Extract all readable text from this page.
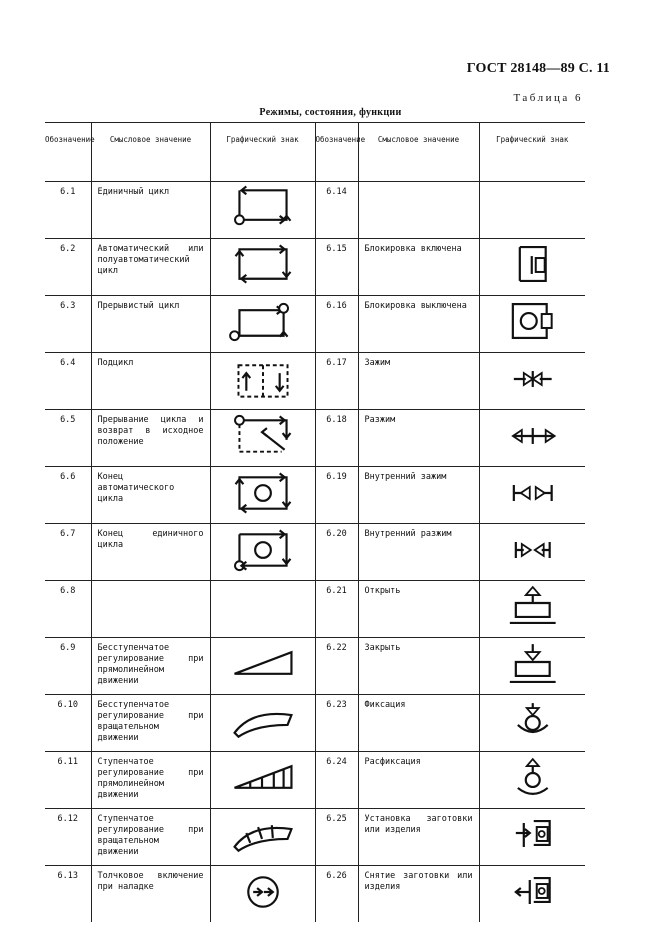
ГОСТ 28148—89 С. 11
Таблица 6
Режимы, состояния, функции
Обозначение	Смысловое значение	Графический знак	Обозначение	Смысловое значение	Графический знак
6.1	Единичный цикл		6.14		
6.2	Автоматический или полуавтоматический цикл		6.15	Блокировка включена	

6.3	Прерывистый цикл		6.16	Блокировка выключена	

6.4	Подцикл		6.17	Зажим	

6.5	Прерывание цикла и возврат в исходное положение		6.18	Разжим	

6.6	Конец автоматического цикла		6.19	Внутренний зажим	

6.7	Конец единичного цикла		6.20	Внутренний разжим	

6.8			6.21	Открыть	

6.9	Бесступенчатое регулирование при прямолинейном движении		6.22	Закрыть	

6.10	Бесступенчатое регулирование при вращательном движении		6.23	Фиксация	

6.11	Ступенчатое регулирование при прямолинейном движении		6.24	Расфиксация	

6.12	Ступенчатое регулирование при вращательном движении		6.25	Установка заготовки или изделия	

6.13	Толчковое включение при наладке		6.26	Снятие заготовки или изделия	
